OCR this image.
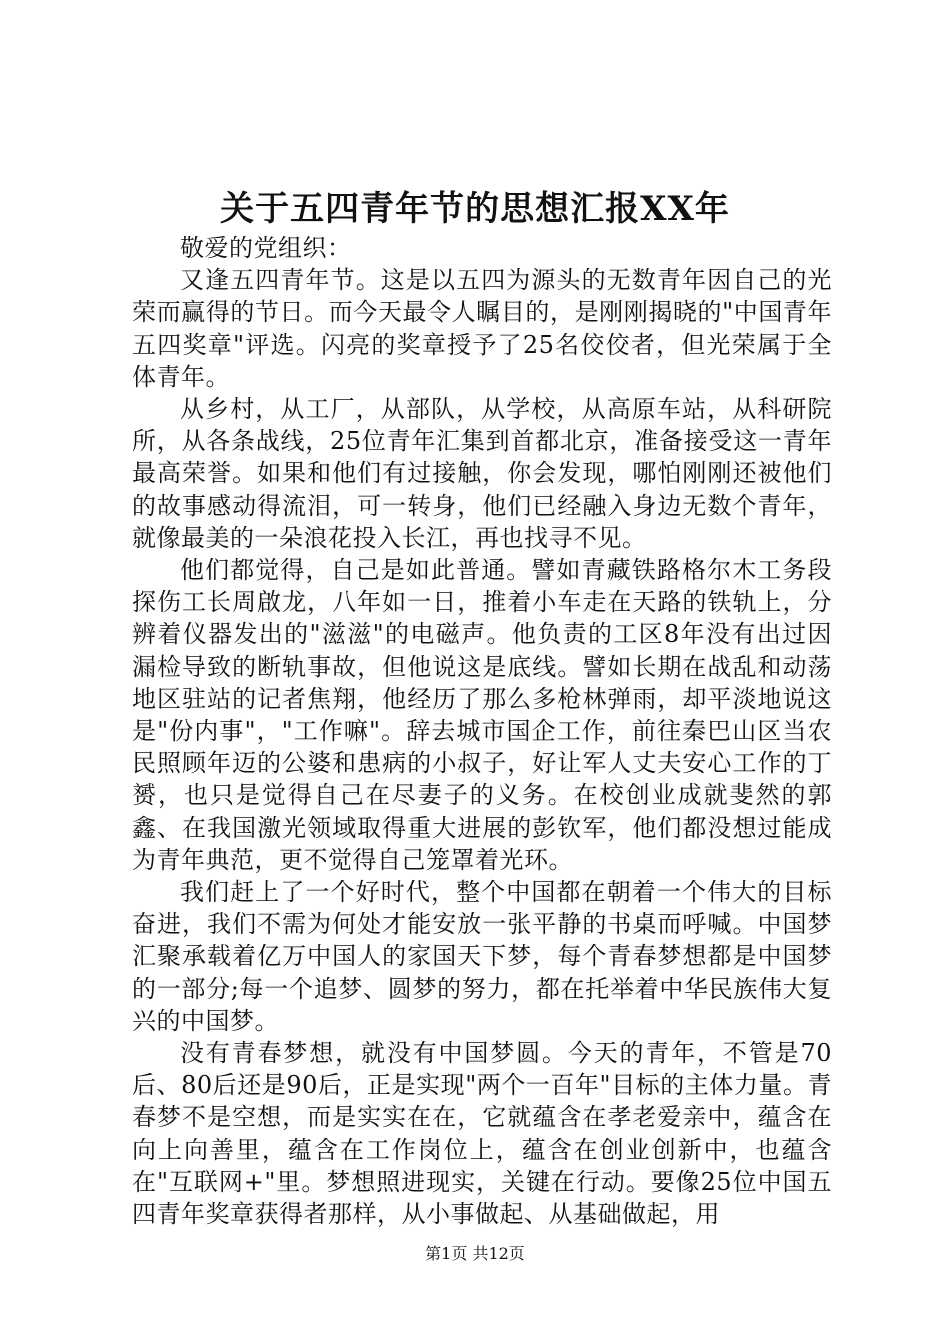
关于五四青年节的思想汇报XX年

敬爱的党组织：

又逢五四青年节。这是以五四为源头的无数青年因自己的光荣而赢得的节日。而今天最令人瞩目的，是刚刚揭晓的"中国青年五四奖章"评选。闪亮的奖章授予了25名佼佼者，但光荣属于全体青年。

从乡村，从工厂，从部队，从学校，从高原车站，从科研院所，从各条战线，25位青年汇集到首都北京，准备接受这一青年最高荣誉。如果和他们有过接触，你会发现，哪怕刚刚还被他们的故事感动得流泪，可一转身，他们已经融入身边无数个青年，就像最美的一朵浪花投入长江，再也找寻不见。

他们都觉得，自己是如此普通。譬如青藏铁路格尔木工务段探伤工长周啟龙，八年如一日，推着小车走在天路的铁轨上，分辨着仪器发出的"滋滋"的电磁声。他负责的工区8年没有出过因漏检导致的断轨事故，但他说这是底线。譬如长期在战乱和动荡地区驻站的记者焦翔，他经历了那么多枪林弹雨，却平淡地说这是"份内事"，"工作嘛"。辞去城市国企工作，前往秦巴山区当农民照顾年迈的公婆和患病的小叔子，好让军人丈夫安心工作的丁赟，也只是觉得自己在尽妻子的义务。在校创业成就斐然的郭鑫、在我国激光领域取得重大进展的彭钦军，他们都没想过能成为青年典范，更不觉得自己笼罩着光环。

我们赶上了一个好时代，整个中国都在朝着一个伟大的目标奋进，我们不需为何处才能安放一张平静的书桌而呼喊。中国梦汇聚承载着亿万中国人的家国天下梦，每个青春梦想都是中国梦的一部分;每一个追梦、圆梦的努力，都在托举着中华民族伟大复兴的中国梦。

没有青春梦想，就没有中国梦圆。今天的青年，不管是70后、80后还是90后，正是实现"两个一百年"目标的主体力量。青春梦不是空想，而是实实在在，它就蕴含在孝老爱亲中，蕴含在向上向善里，蕴含在工作岗位上，蕴含在创业创新中，也蕴含在"互联网+"里。梦想照进现实，关键在行动。要像25位中国五四青年奖章获得者那样，从小事做起、从基础做起，用

第1页 共12页
